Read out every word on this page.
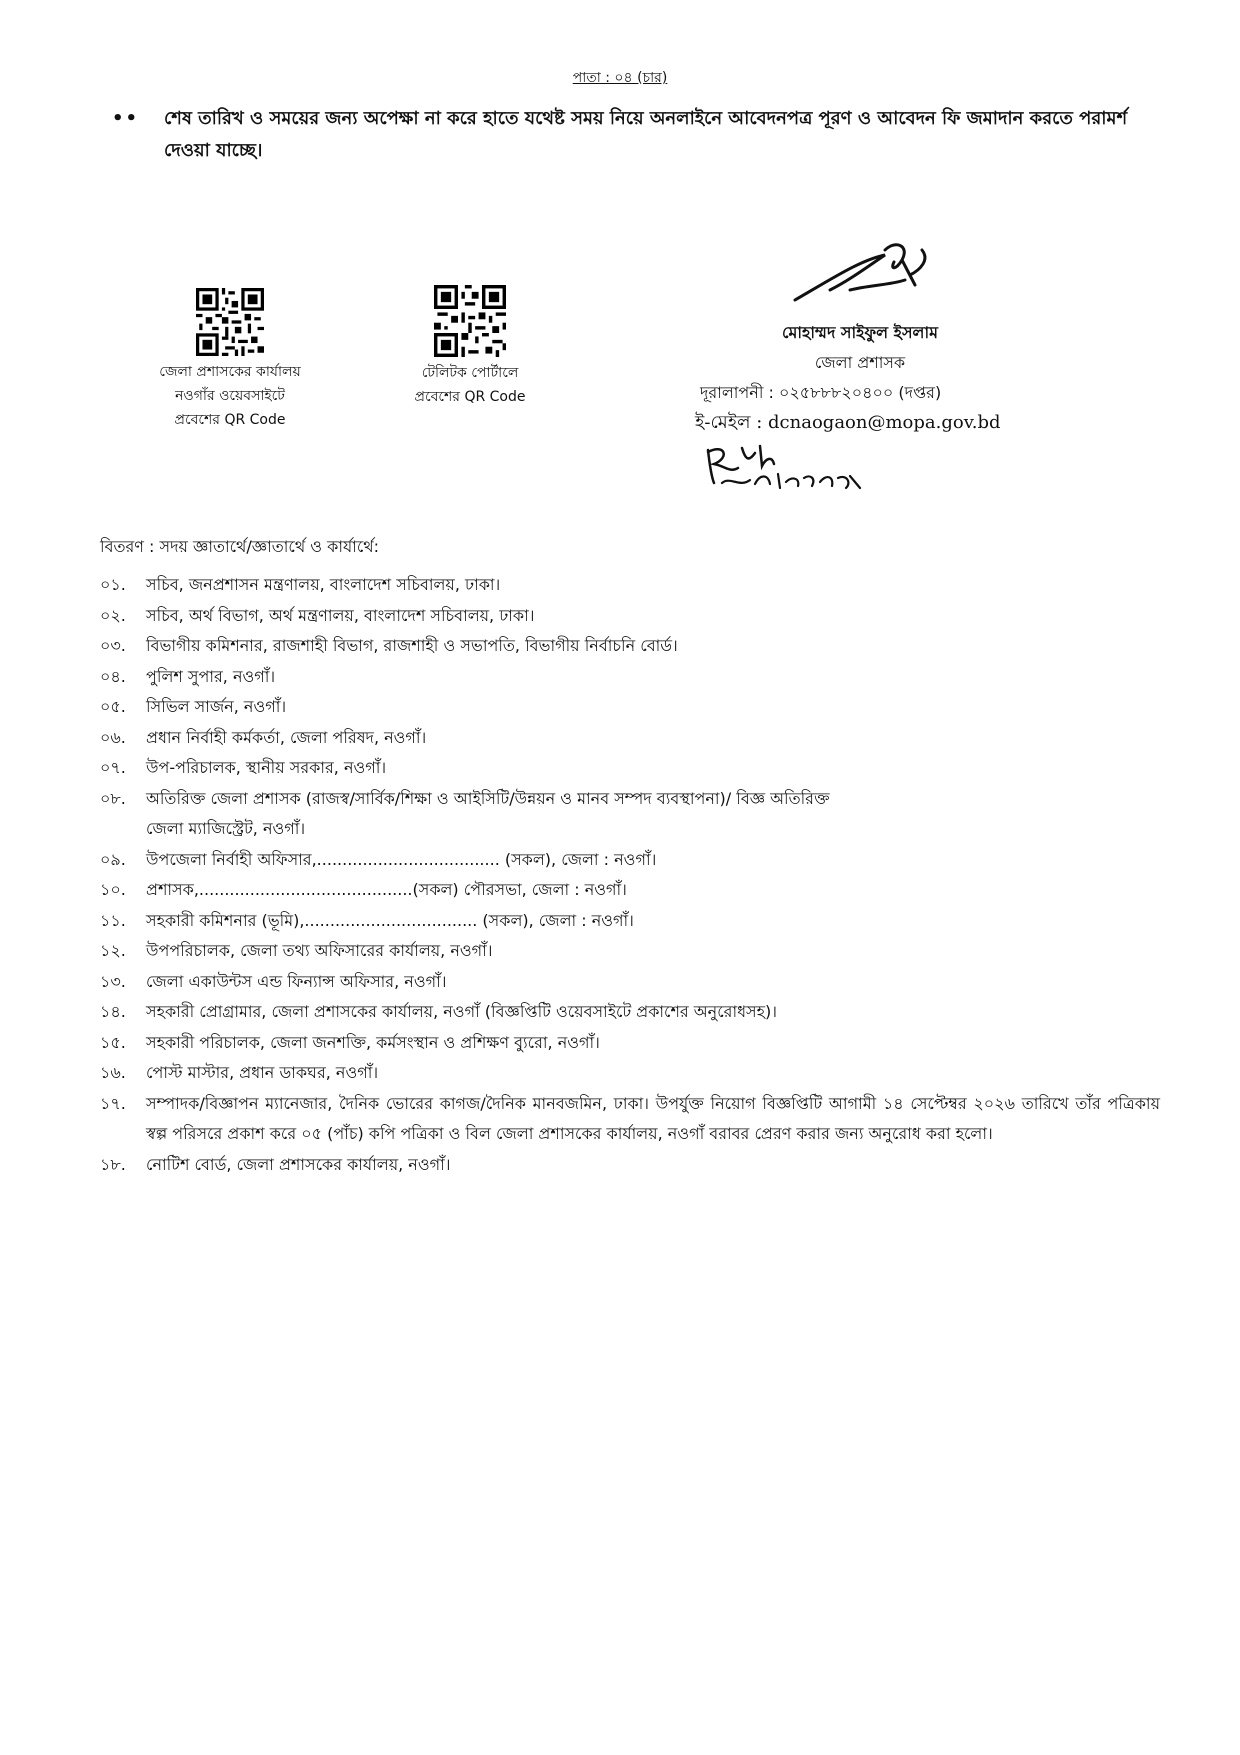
পাতা : ০৪ (চার)
••	শেষ তারিখ ও সময়ের জন্য অপেক্ষা না করে হাতে যথেষ্ট সময় নিয়ে অনলাইনে আবেদনপত্র পূরণ ও আবেদন ফি জমাদান করতে পরামর্শ দেওয়া যাচ্ছে।
জেলা প্রশাসকের কার্যালয়
নওগাঁর ওয়েবসাইটে
প্রবেশের QR Code
টেলিটক পোর্টালে
প্রবেশের QR Code
মোহাম্মদ সাইফুল ইসলাম
জেলা প্রশাসক
দূরালাপনী : ০২৫৮৮৮২০৪০০ (দপ্তর)
ই-মেইল : dcnaogaon@mopa.gov.bd
বিতরণ : সদয় জ্ঞাতার্থে/জ্ঞাতার্থে ও কার্যার্থে:
০১. সচিব, জনপ্রশাসন মন্ত্রণালয়, বাংলাদেশ সচিবালয়, ঢাকা।
০২. সচিব, অর্থ বিভাগ, অর্থ মন্ত্রণালয়, বাংলাদেশ সচিবালয়, ঢাকা।
০৩. বিভাগীয় কমিশনার, রাজশাহী বিভাগ, রাজশাহী ও সভাপতি, বিভাগীয় নির্বাচনি বোর্ড।
০৪. পুলিশ সুপার, নওগাঁ।
০৫. সিভিল সার্জন, নওগাঁ।
০৬. প্রধান নির্বাহী কর্মকর্তা, জেলা পরিষদ, নওগাঁ।
০৭. উপ-পরিচালক, স্থানীয় সরকার, নওগাঁ।
০৮. অতিরিক্ত জেলা প্রশাসক (রাজস্ব/সার্বিক/শিক্ষা ও আইসিটি/উন্নয়ন ও মানব সম্পদ ব্যবস্থাপনা)/ বিজ্ঞ অতিরিক্ত জেলা ম্যাজিস্ট্রেট, নওগাঁ।
০৯. উপজেলা নির্বাহী অফিসার,.................................... (সকল), জেলা : নওগাঁ।
১০. প্রশাসক,..........................................(সকল) পৌরসভা, জেলা : নওগাঁ।
১১. সহকারী কমিশনার (ভূমি),.................................. (সকল), জেলা : নওগাঁ।
১২. উপপরিচালক, জেলা তথ্য অফিসারের কার্যালয়, নওগাঁ।
১৩. জেলা একাউন্টস এন্ড ফিন্যান্স অফিসার, নওগাঁ।
১৪. সহকারী প্রোগ্রামার, জেলা প্রশাসকের কার্যালয়, নওগাঁ (বিজ্ঞপ্তিটি ওয়েবসাইটে প্রকাশের অনুরোধসহ)।
১৫. সহকারী পরিচালক, জেলা জনশক্তি, কর্মসংস্থান ও প্রশিক্ষণ ব্যুরো, নওগাঁ।
১৬. পোস্ট মাস্টার, প্রধান ডাকঘর, নওগাঁ।
১৭. সম্পাদক/বিজ্ঞাপন ম্যানেজার, দৈনিক ভোরের কাগজ/দৈনিক মানবজমিন, ঢাকা। উপর্যুক্ত নিয়োগ বিজ্ঞপ্তিটি আগামী ১৪ সেপ্টেম্বর ২০২৬ তারিখে তাঁর পত্রিকায় স্বল্প পরিসরে প্রকাশ করে ০৫ (পাঁচ) কপি পত্রিকা ও বিল জেলা প্রশাসকের কার্যালয়, নওগাঁ বরাবর প্রেরণ করার জন্য অনুরোধ করা হলো।
১৮. নোটিশ বোর্ড, জেলা প্রশাসকের কার্যালয়, নওগাঁ।
